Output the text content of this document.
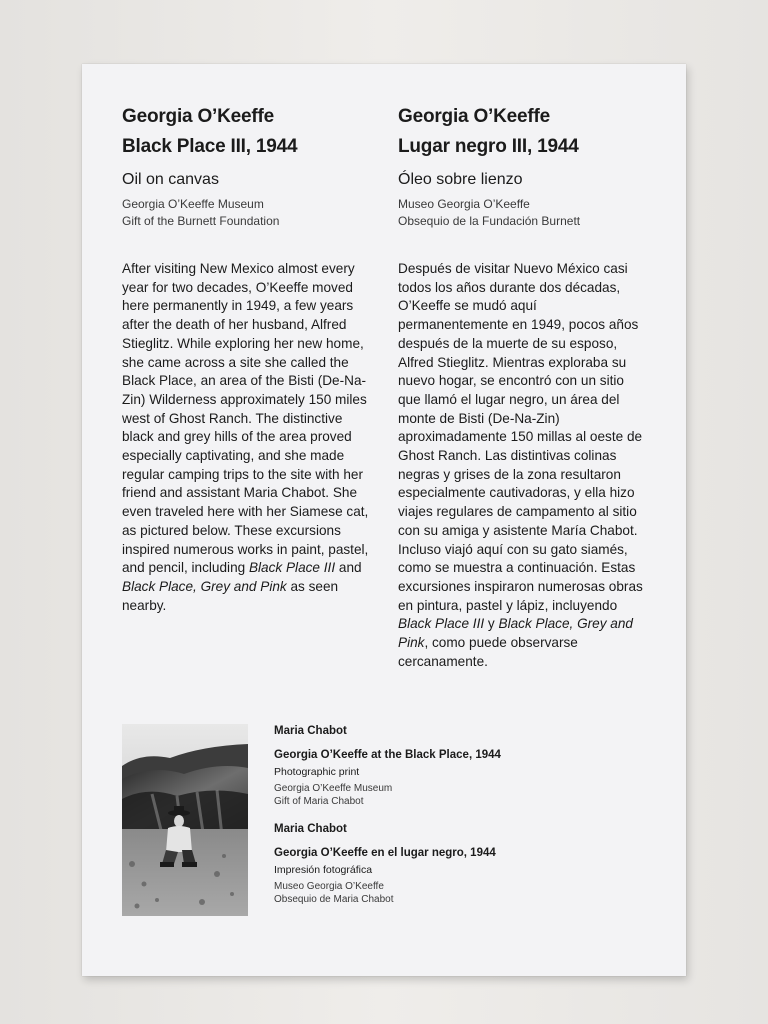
Georgia O’Keeffe
Black Place III, 1944
Oil on canvas
Georgia O’Keeffe Museum
Gift of the Burnett Foundation
After visiting New Mexico almost every year for two decades, O’Keeffe moved here permanently in 1949, a few years after the death of her husband, Alfred Stieglitz. While exploring her new home, she came across a site she called the Black Place, an area of the Bisti (De-Na-Zin) Wilderness approximately 150 miles west of Ghost Ranch. The distinctive black and grey hills of the area proved especially captivating, and she made regular camping trips to the site with her friend and assistant Maria Chabot. She even traveled here with her Siamese cat, as pictured below. These excursions inspired numerous works in paint, pastel, and pencil, including Black Place III and Black Place, Grey and Pink as seen nearby.
Georgia O’Keeffe
Lugar negro III, 1944
Óleo sobre lienzo
Museo Georgia O’Keeffe
Obsequio de la Fundación Burnett
Después de visitar Nuevo México casi todos los años durante dos décadas, O’Keeffe se mudó aquí permanentemente en 1949, pocos años después de la muerte de su esposo, Alfred Stieglitz. Mientras exploraba su nuevo hogar, se encontró con un sitio que llamó el lugar negro, un área del monte de Bisti (De-Na-Zin) aproximadamente 150 millas al oeste de Ghost Ranch. Las distintivas colinas negras y grises de la zona resultaron especialmente cautivadoras, y ella hizo viajes regulares de campamento al sitio con su amiga y asistente María Chabot. Incluso viajó aquí con su gato siamés, como se muestra a continuación. Estas excursiones inspiraron numerosas obras en pintura, pastel y lápiz, incluyendo Black Place III y Black Place, Grey and Pink, como puede observarse cercanamente.
Maria Chabot
Georgia O’Keeffe at the Black Place, 1944
Photographic print
Georgia O’Keeffe Museum
Gift of Maria Chabot
Maria Chabot
Georgia O’Keeffe en el lugar negro, 1944
Impresión fotográfica
Museo Georgia O’Keeffe
Obsequio de Maria Chabot
